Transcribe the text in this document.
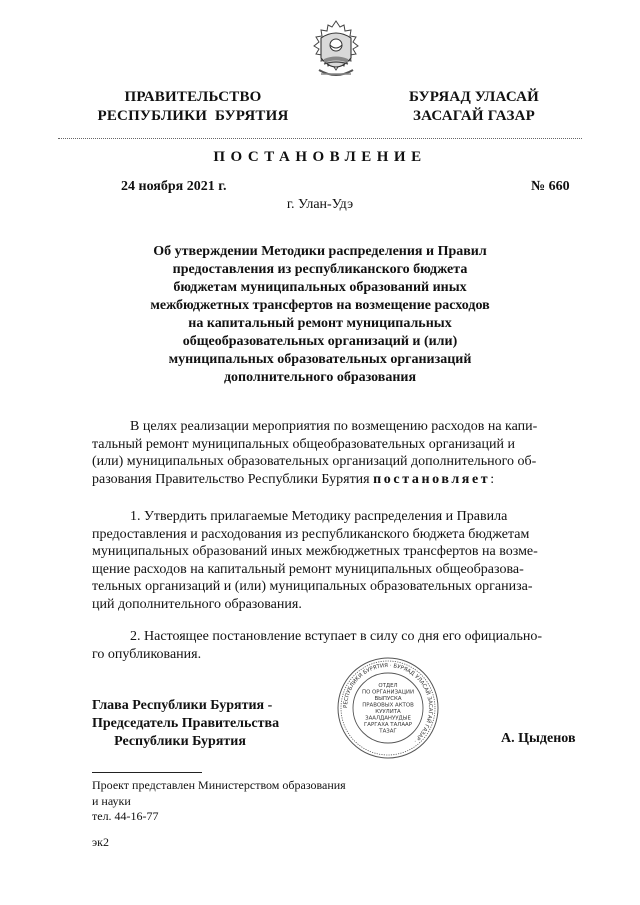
ПРАВИТЕЛЬСТВО
РЕСПУБЛИКИ  БУРЯТИЯ
БУРЯАД УЛАСАЙ
ЗАСАГАЙ ГАЗАР
ПОСТАНОВЛЕНИЕ
24 ноября 2021 г.	№ 660
г. Улан-Удэ
Об утверждении Методики распределения и Правил
предоставления из республиканского бюджета
бюджетам муниципальных образований иных
межбюджетных трансфертов на возмещение расходов
на капитальный ремонт муниципальных
общеобразовательных организаций и (или)
муниципальных образовательных организаций
дополнительного образования
В целях реализации мероприятия по возмещению расходов на капи-
тальный ремонт муниципальных общеобразовательных организаций и
(или) муниципальных образовательных организаций дополнительного об-
разования Правительство Республики Бурятия постановляет :
1. Утвердить прилагаемые Методику распределения и Правила
предоставления и расходования из республиканского бюджета бюджетам
муниципальных образований иных межбюджетных трансфертов на возме-
щение расходов на капитальный ремонт муниципальных общеобразова-
тельных организаций и (или) муниципальных образовательных организа-
ций дополнительного образования.
2. Настоящее постановление вступает в силу со дня его официально-
го опубликования.
Глава Республики Бурятия -
Председатель Правительства
Республики Бурятия
РЕСПУБЛИКИ БУРЯТИЯ · БУРЯАД УЛАСАЙ ЗАСАГАЙ ГАЗАР ·
ОТДЕЛ
ПО ОРГАНИЗАЦИИ
ВЫПУСКА
ПРАВОВЫХ АКТОВ
КУУЛИТА
ЗААЛДАНУУДЫЕ
ГАРГАХА ТАЛААР
ТАЗАГ	А. Цыденов
Проект представлен Министерством образования
и науки
тел. 44-16-77
эк2
